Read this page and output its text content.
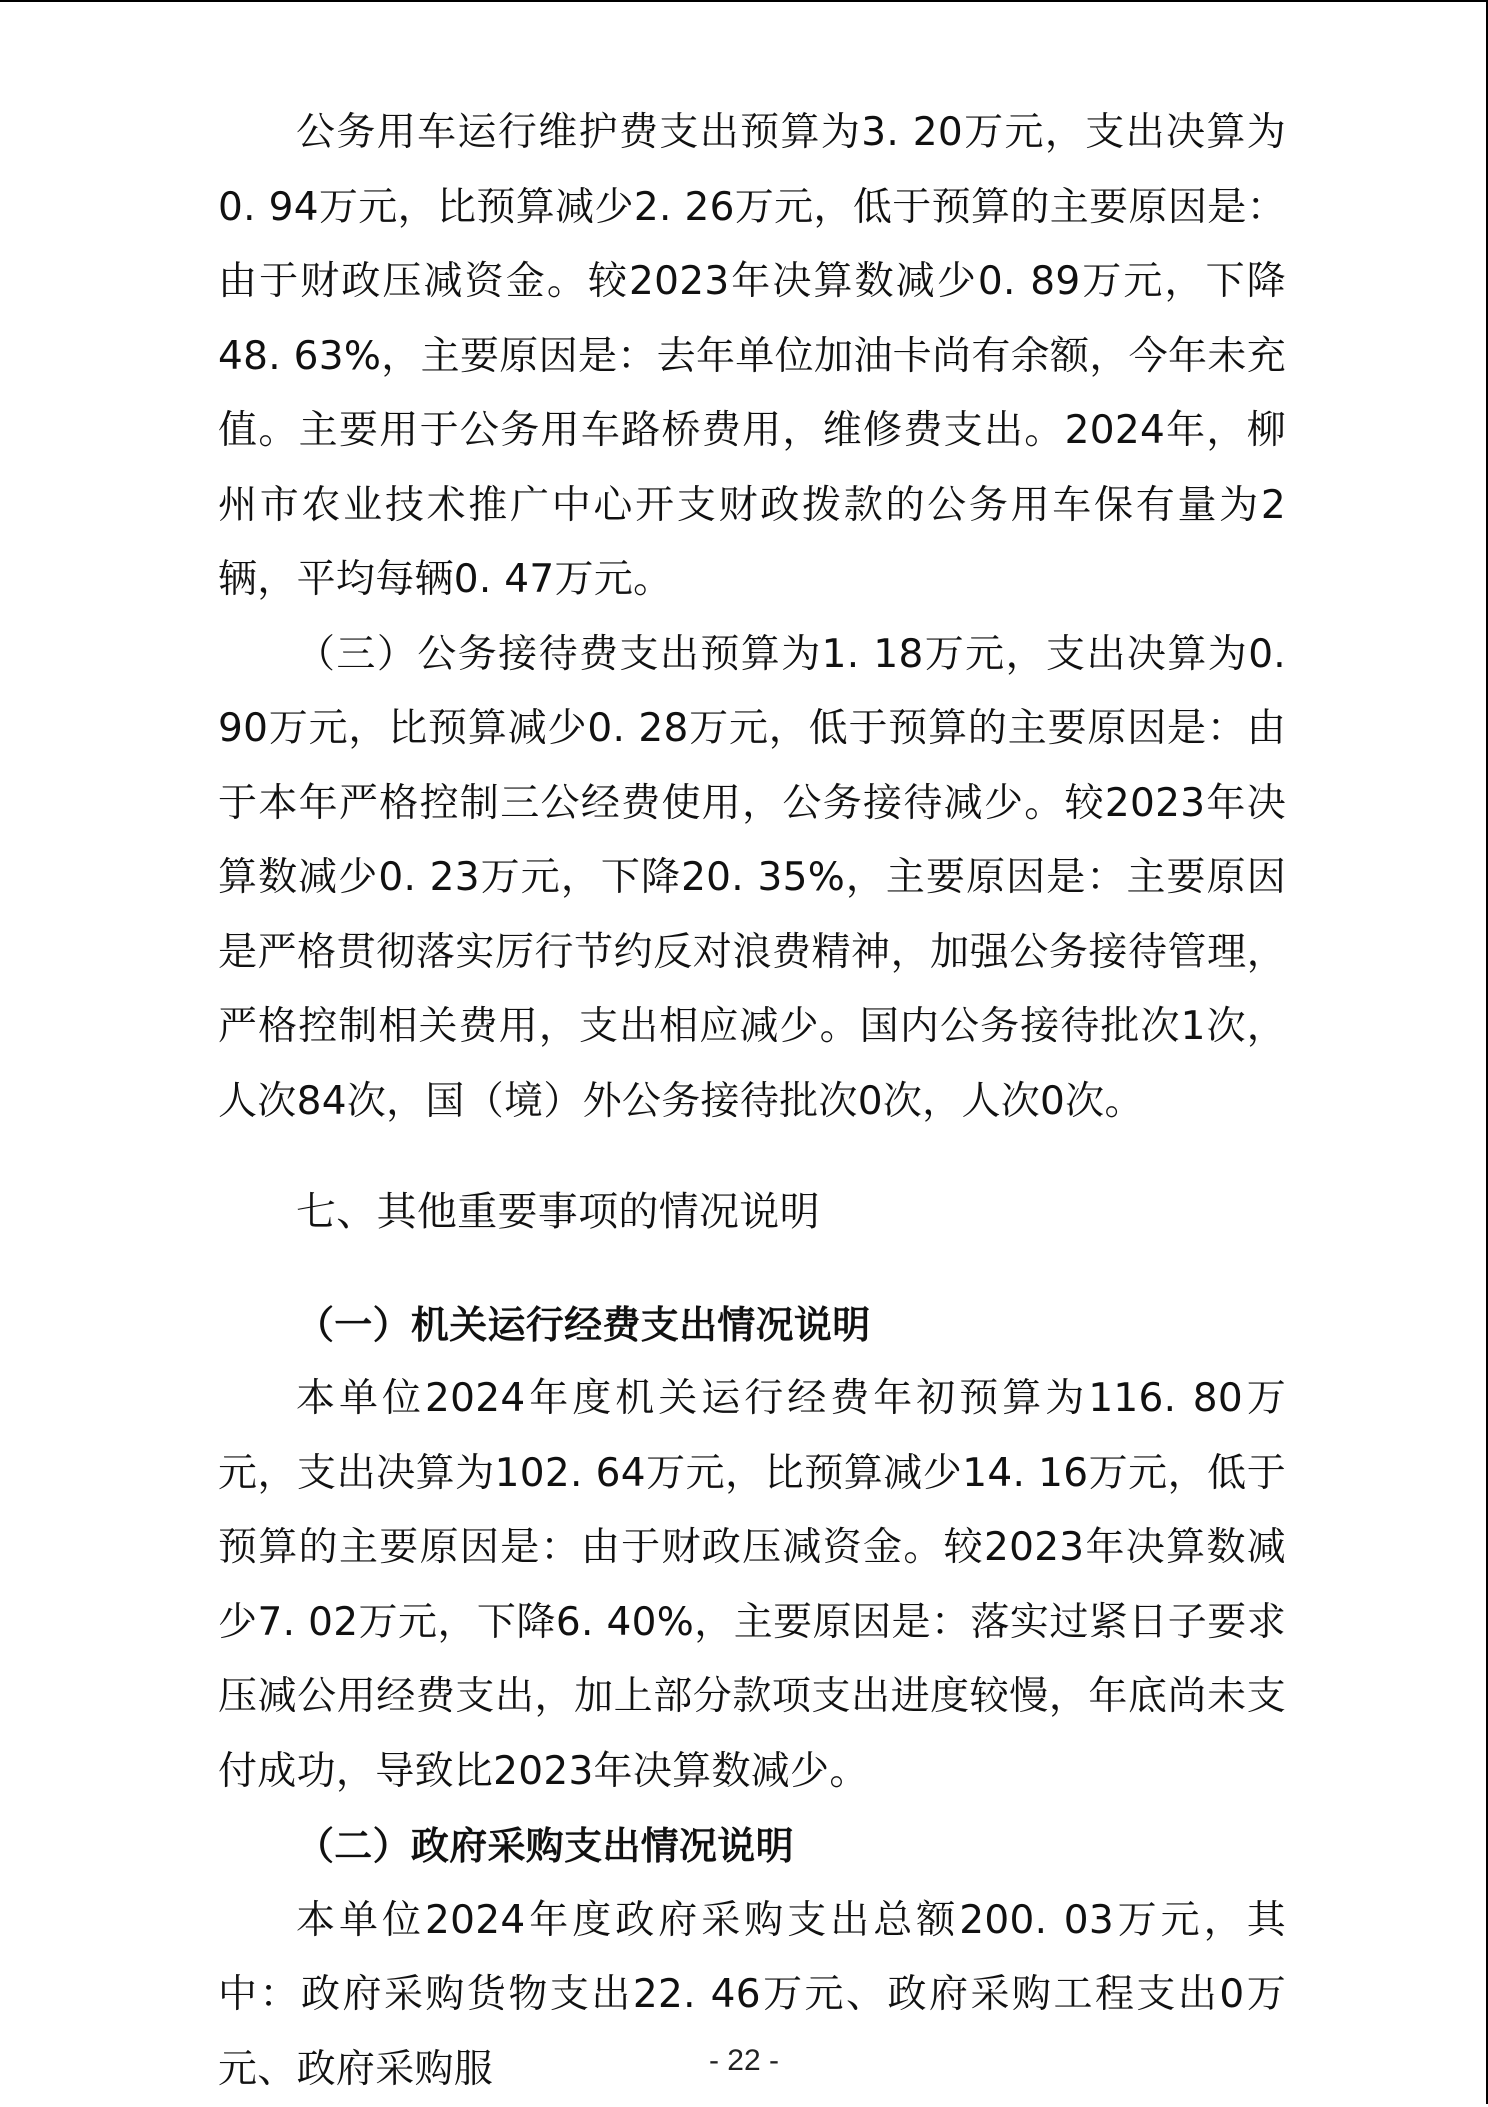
公务用车运行维护费支出预算为3. 20万元，支出决算为0. 94万元，比预算减少2. 26万元，低于预算的主要原因是：由于财政压减资金。较2023年决算数减少0. 89万元，下降48. 63%，主要原因是：去年单位加油卡尚有余额，今年未充值。主要用于公务用车路桥费用，维修费支出。2024年，柳州市农业技术推广中心开支财政拨款的公务用车保有量为2辆，平均每辆0. 47万元。

（三）公务接待费支出预算为1. 18万元，支出决算为0. 90万元，比预算减少0. 28万元，低于预算的主要原因是：由于本年严格控制三公经费使用，公务接待减少。较2023年决算数减少0. 23万元，下降20. 35%，主要原因是：主要原因是严格贯彻落实厉行节约反对浪费精神，加强公务接待管理，严格控制相关费用，支出相应减少。国内公务接待批次1次，人次84次，国（境）外公务接待批次0次，人次0次。

七、其他重要事项的情况说明
（一）机关运行经费支出情况说明

本单位2024年度机关运行经费年初预算为116. 80万元，支出决算为102. 64万元，比预算减少14. 16万元，低于预算的主要原因是：由于财政压减资金。较2023年决算数减少7. 02万元，下降6. 40%，主要原因是：落实过紧日子要求压减公用经费支出，加上部分款项支出进度较慢，年底尚未支付成功，导致比2023年决算数减少。

（二）政府采购支出情况说明

本单位2024年度政府采购支出总额200. 03万元，其中：政府采购货物支出22. 46万元、政府采购工程支出0万元、政府采购服	- 22 -
